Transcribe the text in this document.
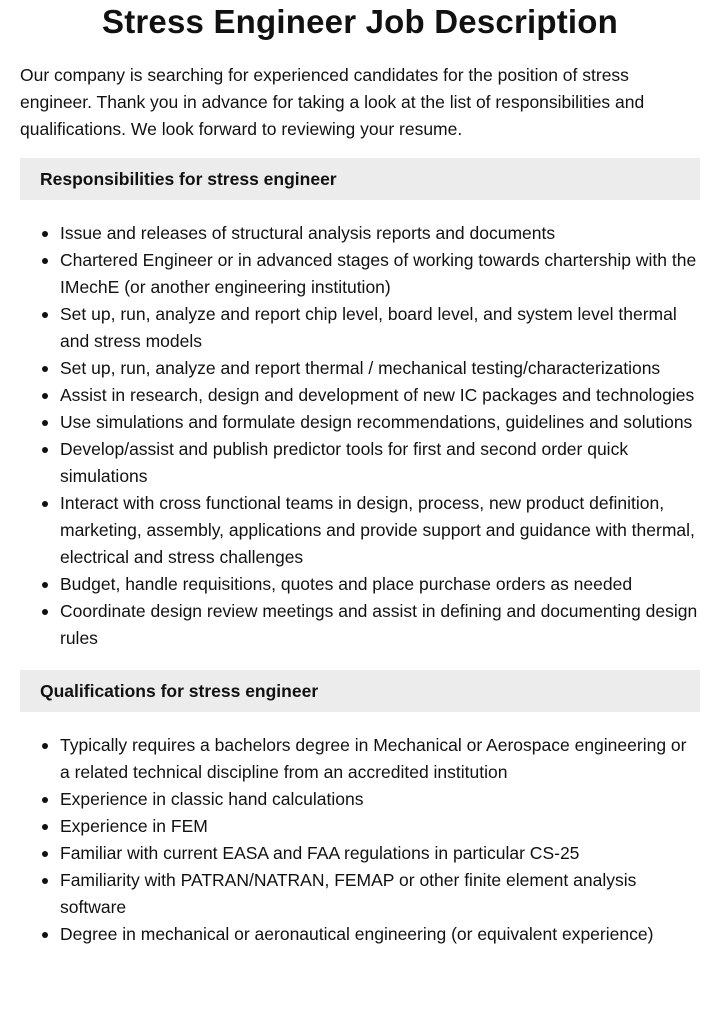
Stress Engineer Job Description

Our company is searching for experienced candidates for the position of stress engineer. Thank you in advance for taking a look at the list of responsibilities and qualifications. We look forward to reviewing your resume.

Responsibilities for stress engineer
Issue and releases of structural analysis reports and documents
Chartered Engineer or in advanced stages of working towards chartership with the IMechE (or another engineering institution)
Set up, run, analyze and report chip level, board level, and system level thermal and stress models
Set up, run, analyze and report thermal / mechanical testing/characterizations
Assist in research, design and development of new IC packages and technologies
Use simulations and formulate design recommendations, guidelines and solutions
Develop/assist and publish predictor tools for first and second order quick simulations
Interact with cross functional teams in design, process, new product definition, marketing, assembly, applications and provide support and guidance with thermal, electrical and stress challenges
Budget, handle requisitions, quotes and place purchase orders as needed
Coordinate design review meetings and assist in defining and documenting design rules
Qualifications for stress engineer
Typically requires a bachelors degree in Mechanical or Aerospace engineering or a related technical discipline from an accredited institution
Experience in classic hand calculations
Experience in FEM
Familiar with current EASA and FAA regulations in particular CS-25
Familiarity with PATRAN/NATRAN, FEMAP or other finite element analysis software
Degree in mechanical or aeronautical engineering (or equivalent experience)
